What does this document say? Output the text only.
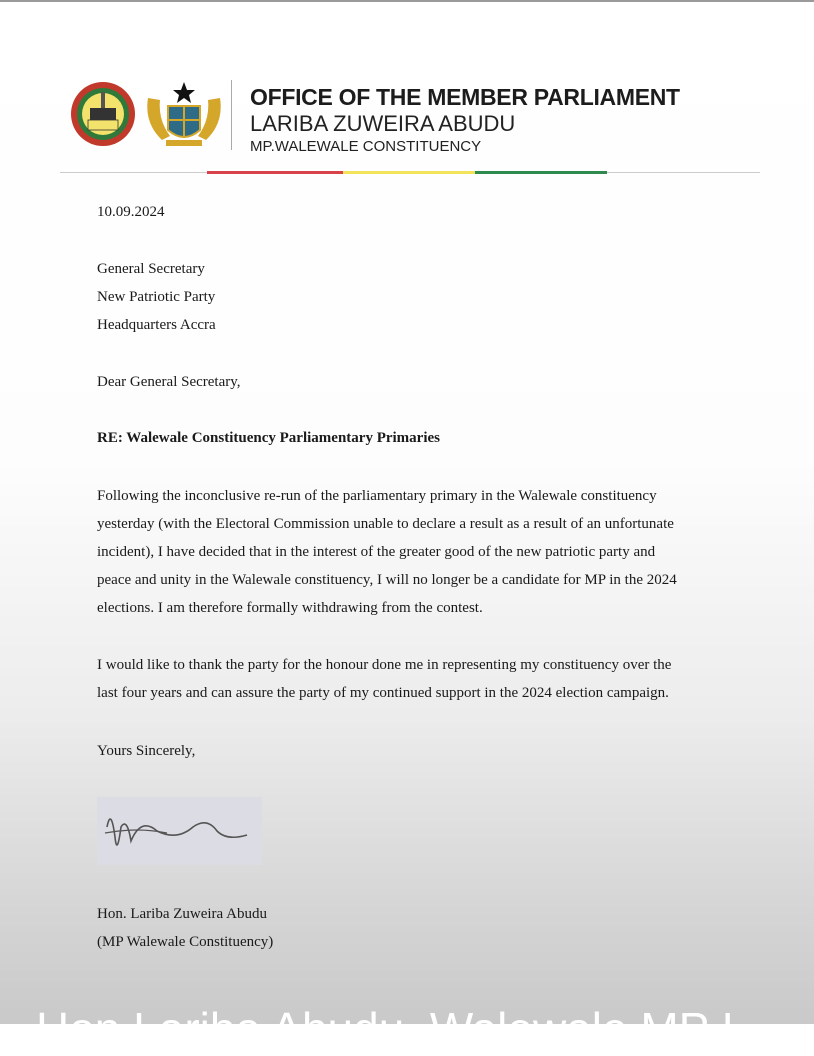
OFFICE OF THE MEMBER PARLIAMENT
LARIBA ZUWEIRA ABUDU
MP.WALEWALE CONSTITUENCY
10.09.2024
General Secretary
New Patriotic Party
Headquarters Accra
Dear General Secretary,
RE: Walewale Constituency Parliamentary Primaries
Following the inconclusive re-run of the parliamentary primary in the Walewale constituency
yesterday (with the Electoral Commission unable to declare a result as a result of an unfortunate
incident), I have decided that in the interest of the greater good of the new patriotic party and
peace and unity in the Walewale constituency, I will no longer be a candidate for MP in the 2024
elections. I am therefore formally withdrawing from the contest.
I would like to thank the party for the honour done me in representing my constituency over the
last four years and can assure the party of my continued support in the 2024 election campaign.
Yours Sincerely,
Hon. Lariba Zuweira Abudu
(MP Walewale Constituency)
Hon Lariba Abudu, Walewale MP I
